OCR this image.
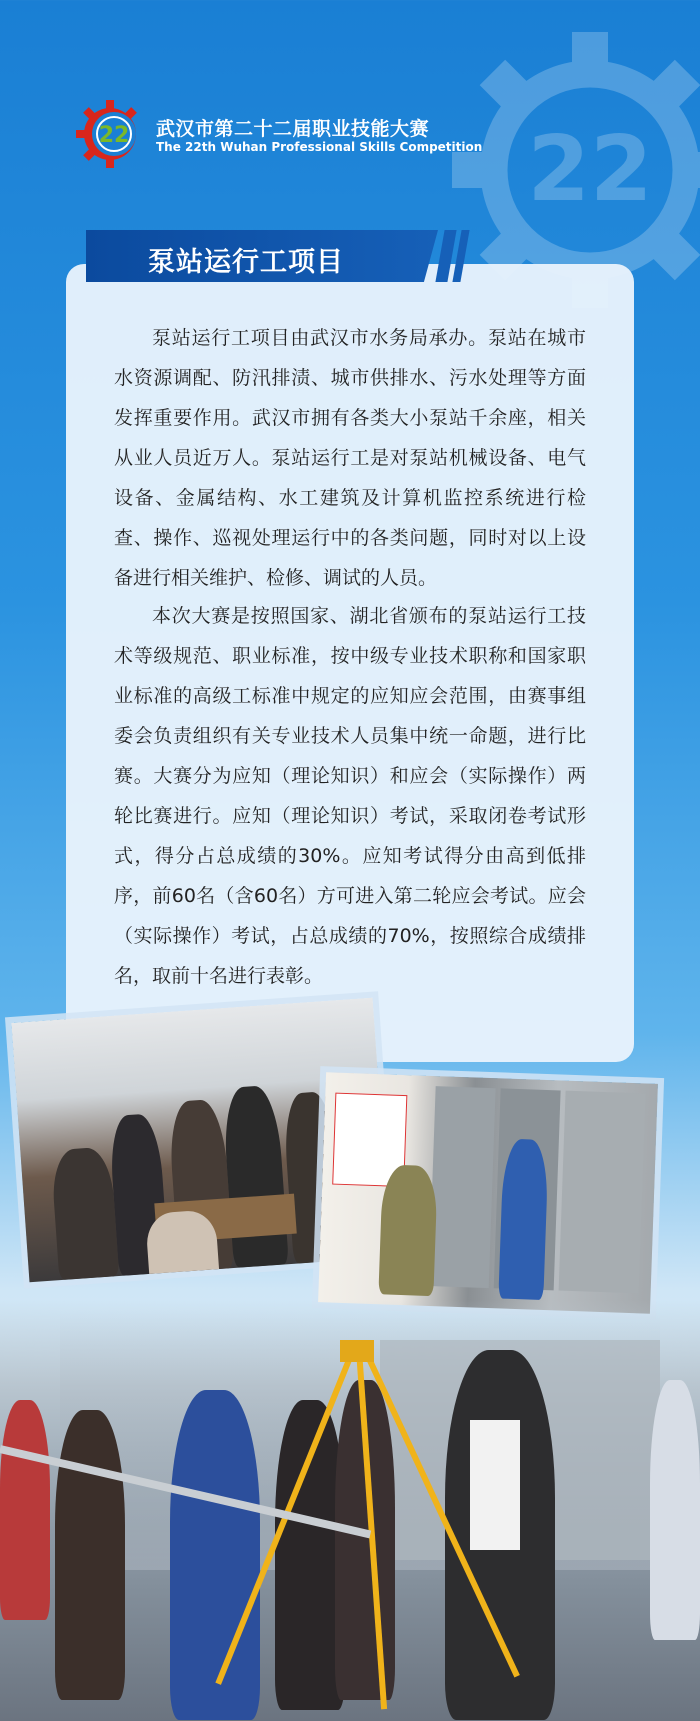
22
22 武汉市第二十二届职业技能大赛
The 22th Wuhan Professional Skills Competition
泵站运行工项目

泵站运行工项目由武汉市水务局承办。泵站在城市水资源调配、防汛排渍、城市供排水、污水处理等方面发挥重要作用。武汉市拥有各类大小泵站千余座，相关从业人员近万人。泵站运行工是对泵站机械设备、电气设备、金属结构、水工建筑及计算机监控系统进行检查、操作、巡视处理运行中的各类问题，同时对以上设备进行相关维护、检修、调试的人员。

本次大赛是按照国家、湖北省颁布的泵站运行工技术等级规范、职业标准，按中级专业技术职称和国家职业标准的高级工标准中规定的应知应会范围，由赛事组委会负责组织有关专业技术人员集中统一命题，进行比赛。大赛分为应知（理论知识）和应会（实际操作）两轮比赛进行。应知（理论知识）考试，采取闭卷考试形式，得分占总成绩的30%。应知考试得分由高到低排序，前60名（含60名）方可进入第二轮应会考试。应会（实际操作）考试，占总成绩的70%，按照综合成绩排名，取前十名进行表彰。
